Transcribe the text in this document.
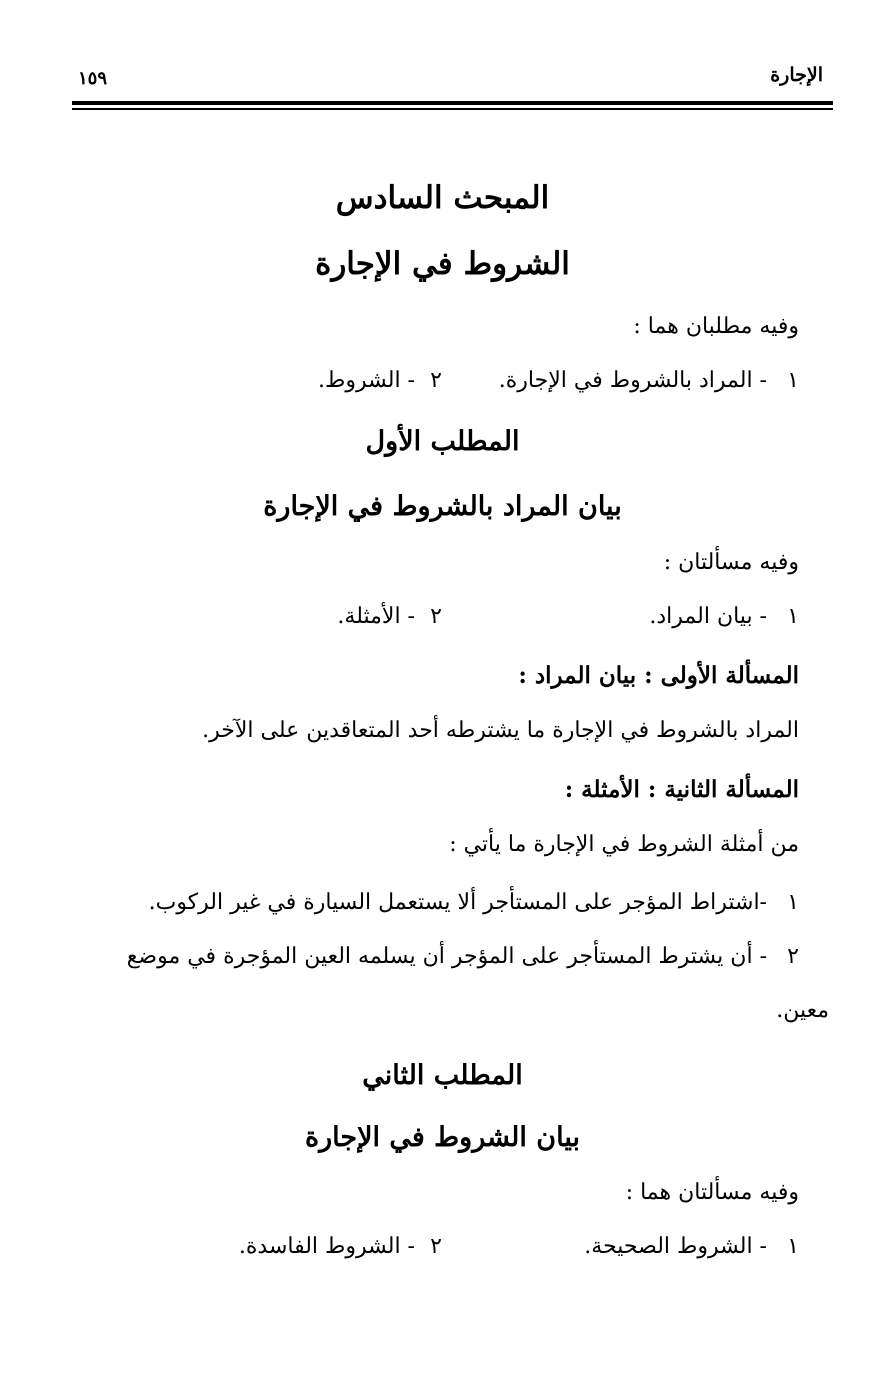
الإجارة
١٥٩
المبحث السادس
الشروط في الإجارة
وفيه مطلبان هما :
١
- المراد بالشروط في الإجارة.
٢
- الشروط.
المطلب الأول
بيان المراد بالشروط في الإجارة
وفيه مسألتان :
١
- بيان المراد.
٢
- الأمثلة.
المسألة الأولى : بيان المراد :
المراد بالشروط في الإجارة ما يشترطه أحد المتعاقدين على الآخر.
المسألة الثانية : الأمثلة :
من أمثلة الشروط في الإجارة ما يأتي :
١
-اشتراط المؤجر على المستأجر ألا يستعمل السيارة في غير الركوب.
٢
- أن يشترط المستأجر على المؤجر أن يسلمه العين المؤجرة في موضع
معين.
المطلب الثاني
بيان الشروط في الإجارة
وفيه مسألتان هما :
١
- الشروط الصحيحة.
٢
- الشروط الفاسدة.
